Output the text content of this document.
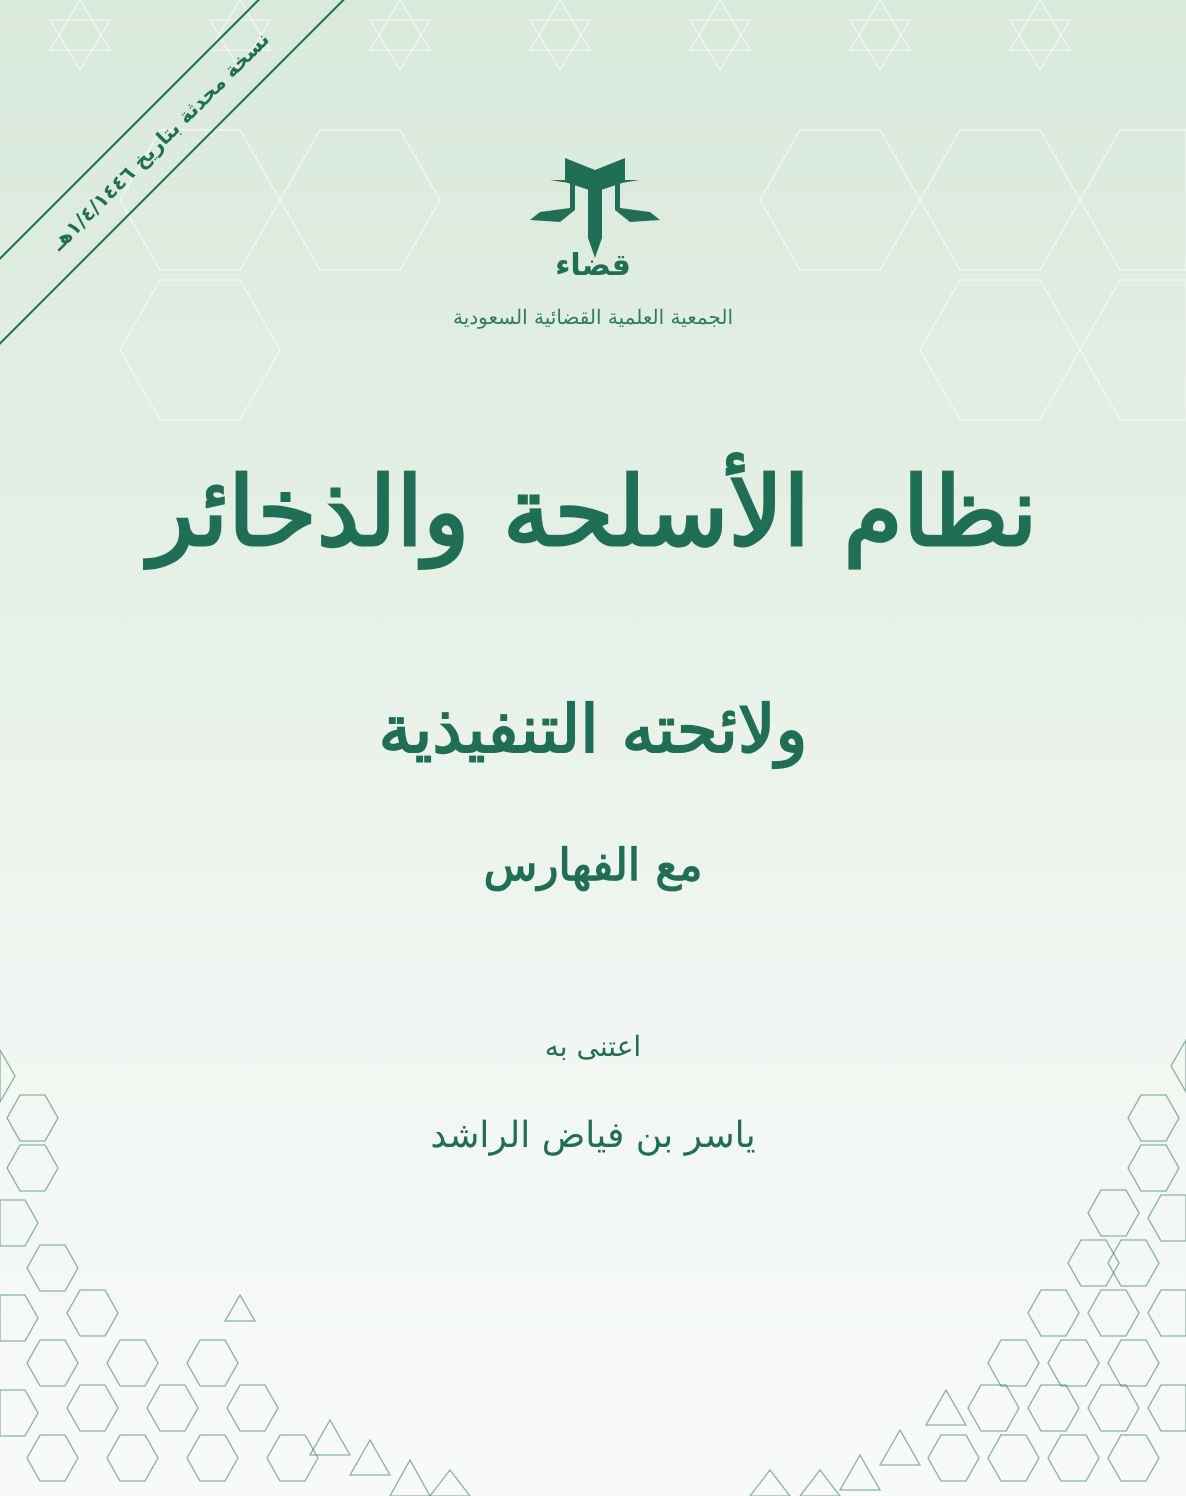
نسخة محدثة بتاريخ ١/٤/١٤٤٦هـ
قضاء
الجمعية العلمية القضائية السعودية
نظام الأسلحة والذخائر
ولائحته التنفيذية
مع الفهارس
اعتنى به
ياسر بن فياض الراشد
